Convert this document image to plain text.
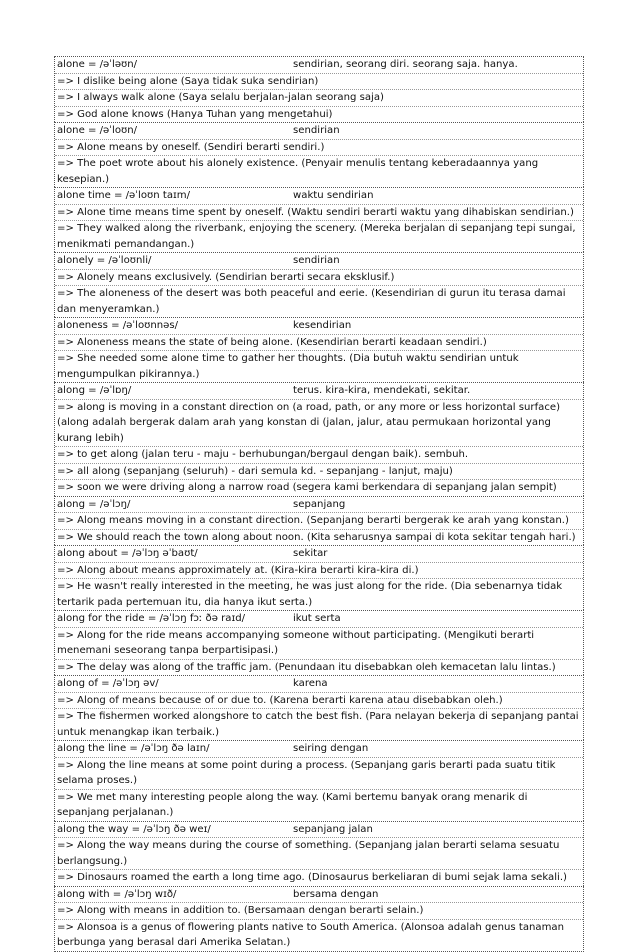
alone = /əˈləʊn/	sendirian, seorang diri. seorang saja. hanya.
=> I dislike being alone (Saya tidak suka sendirian)
=> I always walk alone (Saya selalu berjalan-jalan seorang saja)
=> God alone knows (Hanya Tuhan yang mengetahui)
alone = /əˈloʊn/	sendirian
=> Alone means by oneself. (Sendiri berarti sendiri.)
=> The poet wrote about his alonely existence. (Penyair menulis tentang keberadaannya yang kesepian.)
alone time = /əˈloʊn taɪm/	waktu sendirian
=> Alone time means time spent by oneself. (Waktu sendiri berarti waktu yang dihabiskan sendirian.)
=> They walked along the riverbank, enjoying the scenery. (Mereka berjalan di sepanjang tepi sungai, menikmati pemandangan.)
alonely = /əˈloʊnli/	sendirian
=> Alonely means exclusively. (Sendirian berarti secara eksklusif.)
=> The aloneness of the desert was both peaceful and eerie. (Kesendirian di gurun itu terasa damai dan menyeramkan.)
aloneness = /əˈloʊnnəs/	kesendirian
=> Aloneness means the state of being alone. (Kesendirian berarti keadaan sendiri.)
=> She needed some alone time to gather her thoughts. (Dia butuh waktu sendirian untuk mengumpulkan pikirannya.)
along = /əˈlɒŋ/	terus. kira-kira, mendekati, sekitar.
=> along is moving in a constant direction on (a road, path, or any more or less horizontal surface) (along adalah bergerak dalam arah yang konstan di (jalan, jalur, atau permukaan horizontal yang kurang lebih)
=> to get along (jalan teru - maju - berhubungan/bergaul dengan baik). sembuh.
=> all along (sepanjang (seluruh) - dari semula kd. - sepanjang - lanjut, maju)
=> soon we were driving along a narrow road (segera kami berkendara di sepanjang jalan sempit)
along = /əˈlɔŋ/	sepanjang
=> Along means moving in a constant direction. (Sepanjang berarti bergerak ke arah yang konstan.)
=> We should reach the town along about noon. (Kita seharusnya sampai di kota sekitar tengah hari.)
along about = /əˈlɔŋ əˈbaʊt/	sekitar
=> Along about means approximately at. (Kira-kira berarti kira-kira di.)
=> He wasn't really interested in the meeting, he was just along for the ride. (Dia sebenarnya tidak tertarik pada pertemuan itu, dia hanya ikut serta.)
along for the ride = /əˈlɔŋ fɔː ðə raɪd/	ikut serta
=> Along for the ride means accompanying someone without participating. (Mengikuti berarti menemani seseorang tanpa berpartisipasi.)
=> The delay was along of the traffic jam. (Penundaan itu disebabkan oleh kemacetan lalu lintas.)
along of = /əˈlɔŋ əv/	karena
=> Along of means because of or due to. (Karena berarti karena atau disebabkan oleh.)
=> The fishermen worked alongshore to catch the best fish. (Para nelayan bekerja di sepanjang pantai untuk menangkap ikan terbaik.)
along the line = /əˈlɔŋ ðə laɪn/	seiring dengan
=> Along the line means at some point during a process. (Sepanjang garis berarti pada suatu titik selama proses.)
=> We met many interesting people along the way. (Kami bertemu banyak orang menarik di sepanjang perjalanan.)
along the way = /əˈlɔŋ ðə weɪ/	sepanjang jalan
=> Along the way means during the course of something. (Sepanjang jalan berarti selama sesuatu berlangsung.)
=> Dinosaurs roamed the earth a long time ago. (Dinosaurus berkeliaran di bumi sejak lama sekali.)
along with = /əˈlɔŋ wɪð/	bersama dengan
=> Along with means in addition to. (Bersamaan dengan berarti selain.)
=> Alonsoa is a genus of flowering plants native to South America. (Alonsoa adalah genus tanaman berbunga yang berasal dari Amerika Selatan.)
